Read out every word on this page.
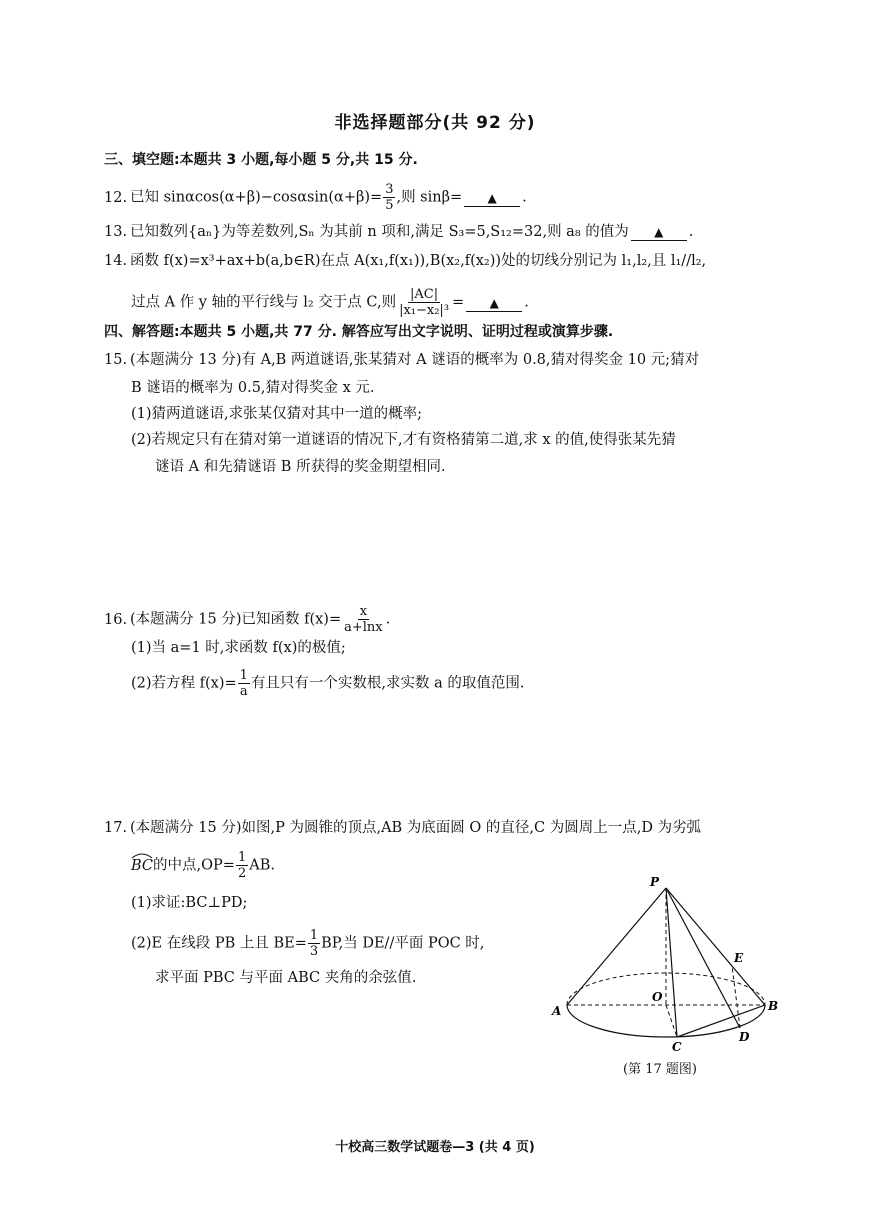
非选择题部分(共 92 分)
三、填空题:本题共 3 小题,每小题 5 分,共 15 分.
12. 已知 $\sin\alpha\cos(\alpha+\beta)-\cos\alpha\sin(\alpha+\beta)= \frac{3}{5}$ ,则 sinβ= ▲ .
13. 已知数列{aₙ}为等差数列,Sₙ 为其前 n 项和,满足 S₃=5,S₁₂=32,则 a₈ 的值为 ▲ .
14. 函数 f(x)=x³+ax+b(a,b∈R)在点 A(x₁,f(x₁)),B(x₂,f(x₂))处的切线分别记为 l₁,l₂,且 l₁//l₂,
过点 A 作 y 轴的平行线与 l₂ 交于点 C,则 $\frac{|AC|}{\text{|x₁−x₂|³}}$ = ▲ .
四、解答题:本题共 5 小题,共 77 分. 解答应写出文字说明、证明过程或演算步骤.
15. (本题满分 13 分)有 A,B 两道谜语,张某猜对 A 谜语的概率为 0.8,猜对得奖金 10 元;猜对
B 谜语的概率为 0.5,猜对得奖金 x 元.
(1)猜两道谜语,求张某仅猜对其中一道的概率;
(2)若规定只有在猜对第一道谜语的情况下,才有资格猜第二道,求 x 的值,使得张某先猜
谜语 A 和先猜谜语 B 所获得的奖金期望相同.
16. (本题满分 15 分)已知函数 $f(x)= \frac{x}{a+\ln x}$ .
(1)当 a=1 时,求函数 f(x)的极值;
(2)若方程 $f(x)= \frac{1}{a}$ 有且只有一个实数根,求实数 a 的取值范围.
17. (本题满分 15 分)如图,P 为圆锥的顶点,AB 为底面圆 O 的直径,C 为圆周上一点,D 为劣弧
BC的中点$,OP= \frac{1}{2}$ AB.
(1)求证:BC⊥PD;
(2)E 在线段 PB 上且 $BE= \frac{1}{3}$ BP,当 DE//平面 POC 时,
求平面 PBC 与平面 ABC 夹角的余弦值.
P
A	B
O
C
D
E
(第 17 题图)
十校高三数学试题卷—3 (共 4 页)
